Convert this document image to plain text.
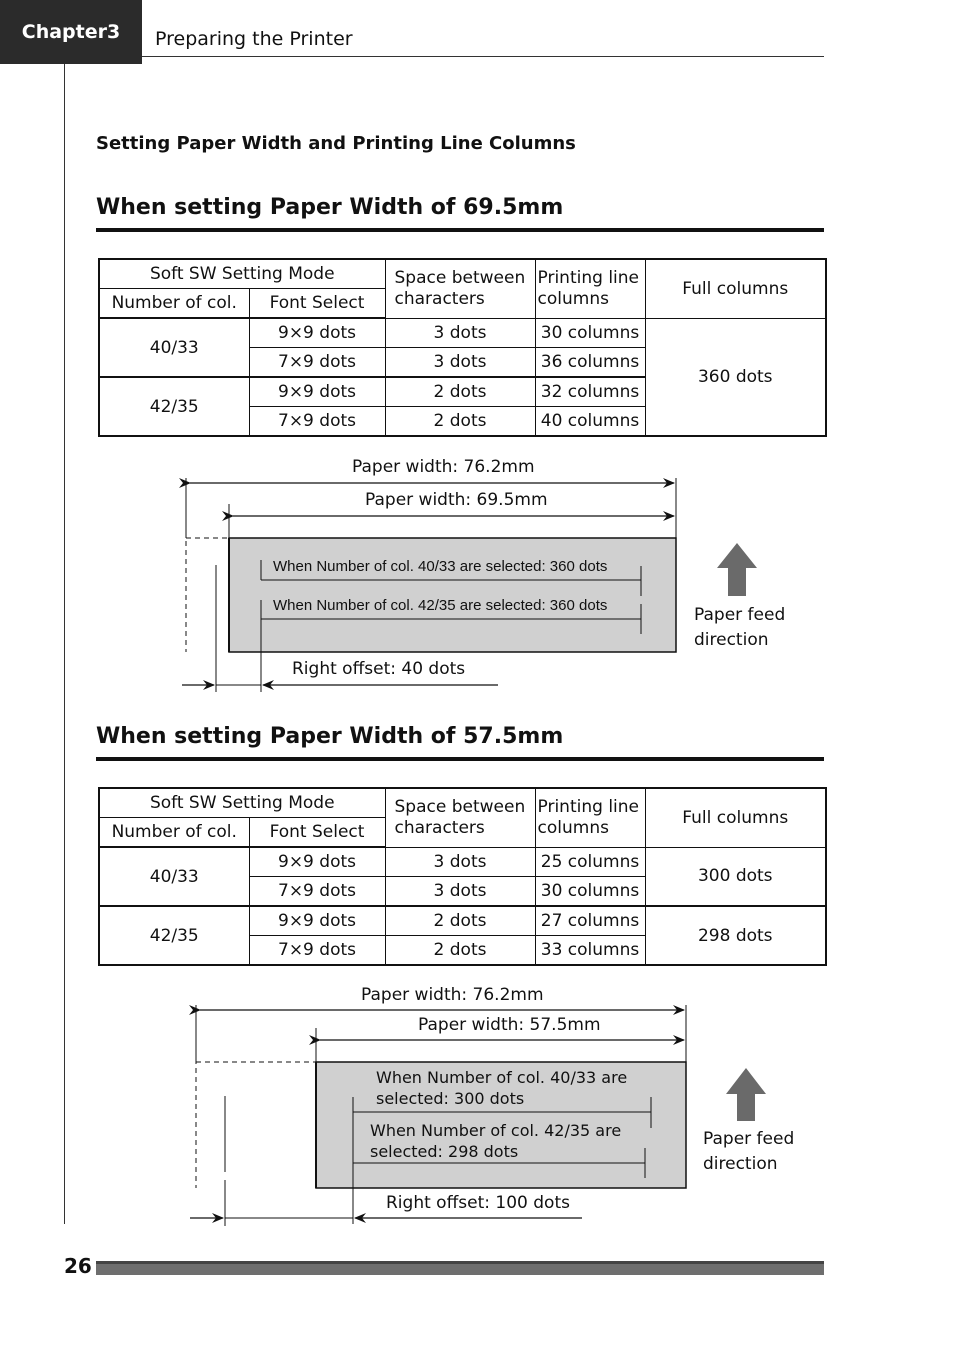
Chapter3	Preparing the Printer
Setting Paper Width and Printing Line Columns
When setting Paper Width of 69.5mm
Soft SW Setting Mode		Space between characters	Printing line columns	Full columns
Number of col.	Font Select			
40/33	9×9 dots	3 dots	30 columns	360 dots
	7×9 dots	3 dots	36 columns	
42/35	9×9 dots	2 dots	32 columns	
	7×9 dots	2 dots	40 columns	
Paper width: 76.2mm
Paper width: 69.5mm
When Number of col. 40/33 are selected: 360 dots
When Number of col. 42/35 are selected: 360 dots
Right offset: 40 dots
Paper feed direction
When setting Paper Width of 57.5mm
Soft SW Setting Mode		Space between characters	Printing line columns	Full columns
Number of col.	Font Select			
40/33	9×9 dots	3 dots	25 columns	300 dots
	7×9 dots	3 dots	30 columns	
42/35	9×9 dots	2 dots	27 columns	298 dots
	7×9 dots	2 dots	33 columns	
Paper width: 76.2mm
Paper width: 57.5mm
When Number of col. 40/33 are selected: 300 dots
When Number of col. 42/35 are selected: 298 dots
Right offset: 100 dots
Paper feed direction
26
